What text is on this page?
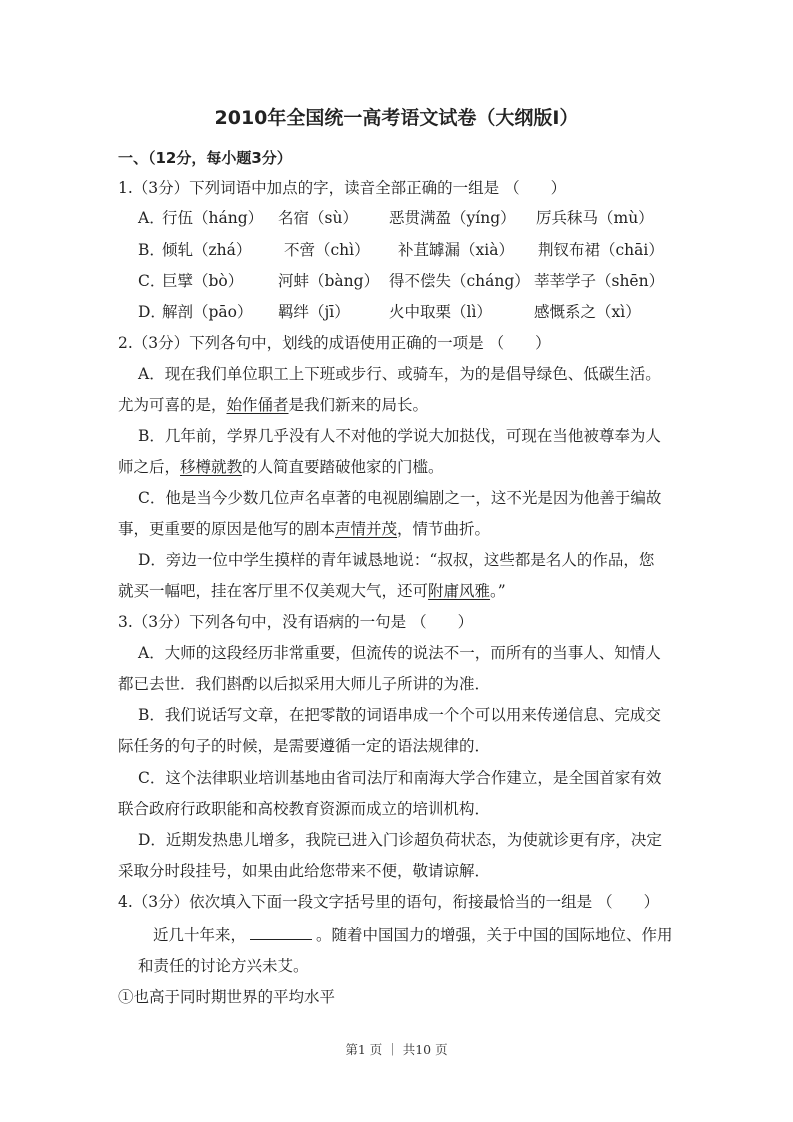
2010年全国统一高考语文试卷（大纲版Ⅰ）
一、（12分，每小题3分）
1.（3分）下列词语中加点的字，读音全部正确的一组是 （　　）
A．
行伍（háng） 名宿（sù） 恶贯满盈（yíng） 厉兵秣马（mù）
B．
倾轧（zhá） 不啻（chì） 补苴罅漏（xià） 荆钗布裙（chāi）
C．
巨擘（bò） 河蚌（bàng） 得不偿失（cháng） 莘莘学子（shēn）
D．
解剖（pāo） 羁绊（jī）	火中取栗（lì）	感慨系之（xì）
2.（3分）下列各句中，划线的成语使用正确的一项是 （　　）
A．现在我们单位职工上下班或步行、或骑车，为的是倡导绿色、低碳生活。
尤为可喜的是，始作俑者是我们新来的局长。
B．几年前，学界几乎没有人不对他的学说大加挞伐，可现在当他被尊奉为人
师之后，移樽就教的人简直要踏破他家的门槛。
C．他是当今少数几位声名卓著的电视剧编剧之一，这不光是因为他善于编故
事，更重要的原因是他写的剧本声情并茂，情节曲折。
D．旁边一位中学生摸样的青年诚恳地说：“叔叔，这些都是名人的作品，您
就买一幅吧，挂在客厅里不仅美观大气，还可附庸风雅。”
3.（3分）下列各句中，没有语病的一句是 （　　）
A．大师的这段经历非常重要，但流传的说法不一，而所有的当事人、知情人
都已去世．我们斟酌以后拟采用大师儿子所讲的为准．
B．我们说话写文章，在把零散的词语串成一个个可以用来传递信息、完成交
际任务的句子的时候，是需要遵循一定的语法规律的．
C．这个法律职业培训基地由省司法厅和南海大学合作建立，是全国首家有效
联合政府行政职能和高校教育资源而成立的培训机构．
D．近期发热患儿增多，我院已进入门诊超负荷状态，为使就诊更有序，决定
采取分时段挂号，如果由此给您带来不便，敬请谅解．
4.（3分）依次填入下面一段文字括号里的语句，衔接最恰当的一组是 （　　）
近几十年来，	。随着中国国力的增强，关于中国的国际地位、作用
和责任的讨论方兴未艾。
①也高于同时期世界的平均水平
第1 页 ｜ 共10 页
